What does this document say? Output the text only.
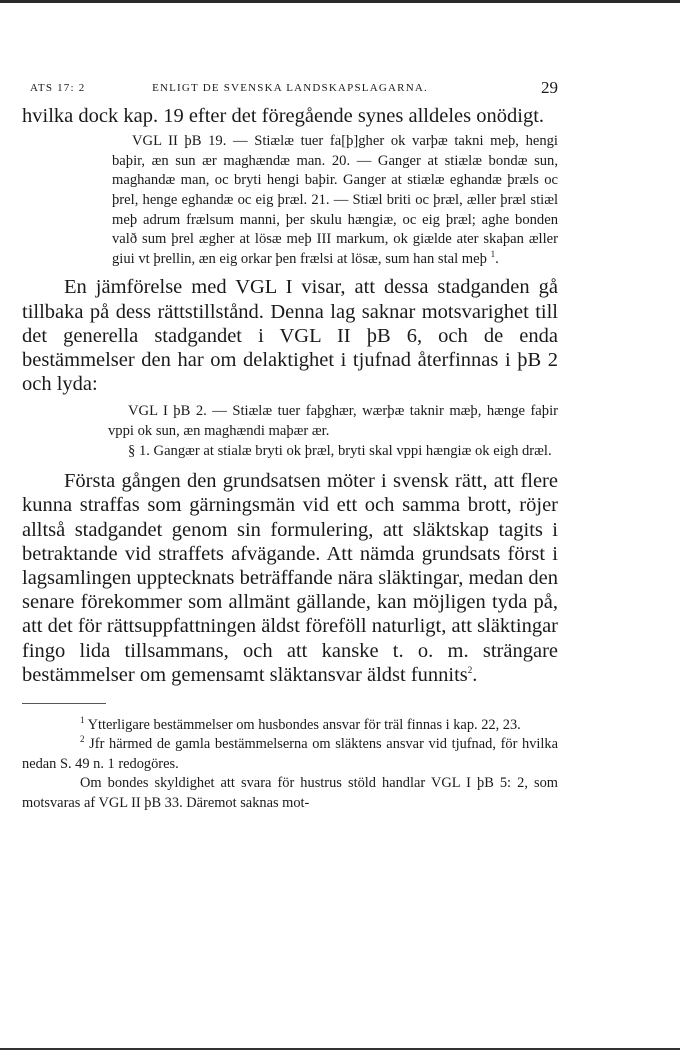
ATS 17: 2	ENLIGT DE SVENSKA LANDSKAPSLAGARNA.	29

hvilka dock kap. 19 efter det föregående synes alldeles onödigt.

VGL II þB 19. — Stiælæ tuer fa[þ]gher ok varþæ takni meþ, hengi baþir, æn sun ær maghændæ man. 20. — Ganger at stiælæ bondæ sun, maghandæ man, oc bryti hengi baþir. Ganger at stiælæ eghandæ þræls oc þrel, henge eghandæ oc eig þræl. 21. — Stiæl briti oc þræl, æller þræl stiæl meþ adrum frælsum manni, þer skulu hængiæ, oc eig þræl; aghe bonden valð sum þrel ægher at lösæ meþ III markum, ok giælde ater skaþan æller giui vt þrellin, æn eig orkar þen frælsi at lösæ, sum han stal meþ $^1$.

En jämförelse med VGL I visar, att dessa stadganden gå tillbaka på dess rättstillstånd. Denna lag saknar motsvarighet till det generella stadgandet i VGL II þB 6, och de enda bestämmelser den har om delaktighet i tjufnad återfinnas i þB 2 och lyda:

VGL I þB 2. — Stiælæ tuer faþghær, wærþæ taknir mæþ, hænge faþir vppi ok sun, æn maghændi maþær ær.

§ 1. Gangær at stialæ bryti ok þræl, bryti skal vppi hængiæ ok eigh dræl.

Första gången den grundsatsen möter i svensk rätt, att flere kunna straffas som gärningsmän vid ett och samma brott, röjer alltså stadgandet genom sin formulering, att släktskap tagits i betraktande vid straffets afvägande. Att nämda grundsats först i lagsamlingen upptecknats beträffande nära släktingar, medan den senare förekommer som allmänt gällande, kan möjligen tyda på, att det för rättsuppfattningen äldst föreföll naturligt, att släktingar fingo lida tillsammans, och att kanske t. o. m. strängare bestämmelser om gemensamt släktansvar äldst funnits$^2$.

$^1$ Ytterligare bestämmelser om husbondes ansvar för träl finnas i kap. 22, 23.

$^2$ Jfr härmed de gamla bestämmelserna om släktens ansvar vid tjufnad, för hvilka nedan S. 49 n. 1 redogöres.

Om bondes skyldighet att svara för hustrus stöld handlar VGL I þB 5: 2, som motsvaras af VGL II þB 33. Däremot saknas mot-
